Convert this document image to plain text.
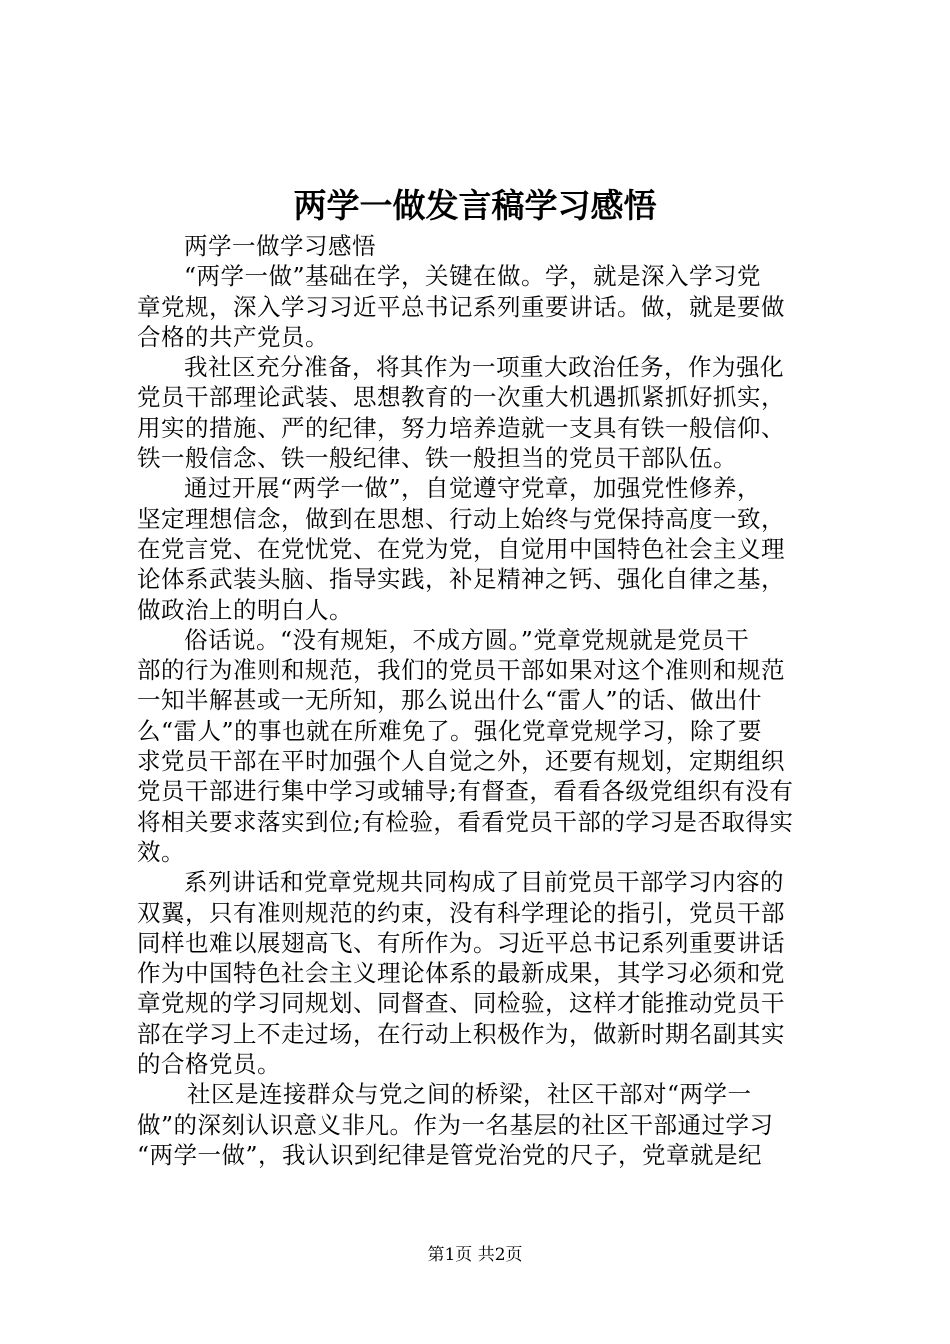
两学一做发言稿学习感悟
两学一做学习感悟
“两学一做”基础在学，关键在做。学，就是深入学习党
章党规，深入学习习近平总书记系列重要讲话。做，就是要做
合格的共产党员。
我社区充分准备，将其作为一项重大政治任务，作为强化
党员干部理论武装、思想教育的一次重大机遇抓紧抓好抓实，
用实的措施、严的纪律，努力培养造就一支具有铁一般信仰、
铁一般信念、铁一般纪律、铁一般担当的党员干部队伍。
通过开展“两学一做”，自觉遵守党章，加强党性修养，
坚定理想信念，做到在思想、行动上始终与党保持高度一致，
在党言党、在党忧党、在党为党，自觉用中国特色社会主义理
论体系武装头脑、指导实践，补足精神之钙、强化自律之基，
做政治上的明白人。
俗话说。“没有规矩，不成方圆。”党章党规就是党员干
部的行为准则和规范，我们的党员干部如果对这个准则和规范
一知半解甚或一无所知，那么说出什么“雷人”的话、做出什
么“雷人”的事也就在所难免了。强化党章党规学习，除了要
求党员干部在平时加强个人自觉之外，还要有规划，定期组织
党员干部进行集中学习或辅导;有督查，看看各级党组织有没有
将相关要求落实到位;有检验，看看党员干部的学习是否取得实
效。
系列讲话和党章党规共同构成了目前党员干部学习内容的
双翼，只有准则规范的约束，没有科学理论的指引，党员干部
同样也难以展翅高飞、有所作为。习近平总书记系列重要讲话
作为中国特色社会主义理论体系的最新成果，其学习必须和党
章党规的学习同规划、同督查、同检验，这样才能推动党员干
部在学习上不走过场，在行动上积极作为，做新时期名副其实
的合格党员。
社区是连接群众与党之间的桥梁，社区干部对“两学一
做”的深刻认识意义非凡。作为一名基层的社区干部通过学习
“两学一做”，我认识到纪律是管党治党的尺子，党章就是纪
第1页 共2页
